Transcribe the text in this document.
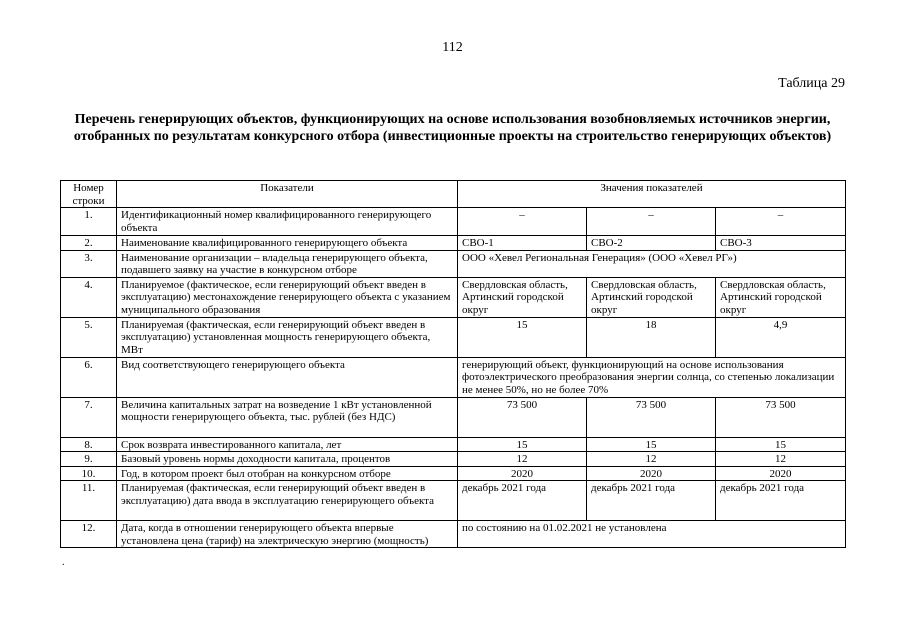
112
Таблица 29
Перечень генерирующих объектов, функционирующих на основе использования возобновляемых источников энергии, отобранных по результатам конкурсного отбора (инвестиционные проекты на строительство генерирующих объектов)
Номер строки	Показатели	Значения показателей		
1.	Идентификационный номер квалифицированного генерирующего объекта	–	–	–
2.	Наименование квалифицированного генерирующего объекта	СВО-1	СВО-2	СВО-3
3.	Наименование организации – владельца генерирующего объекта, подавшего заявку на участие в конкурсном отборе	ООО «Хевел Региональная Генерация» (ООО «Хевел РГ»)		
4.	Планируемое (фактическое, если генерирующий объект введен в эксплуатацию) местонахождение генерирующего объекта с указанием муниципального образования	Свердловская область, Артинский городской округ	Свердловская область, Артинский городской округ	Свердловская область, Артинский городской округ
5.	Планируемая (фактическая, если генерирующий объект введен в эксплуатацию) установленная мощность генерирующего объекта, МВт	15	18	4,9
6.	Вид соответствующего генерирующего объекта	генерирующий объект, функционирующий на основе использования фотоэлектрического преобразования энергии солнца, со степенью локализации не менее 50%, но не более 70%		
7.	Величина капитальных затрат на возведение 1 кВт установленной мощности генерирующего объекта, тыс. рублей (без НДС)	73 500	73 500	73 500
8.	Срок возврата инвестированного капитала, лет	15	15	15
9.	Базовый уровень нормы доходности капитала, процентов	12	12	12
10.	Год, в котором проект был отобран на конкурсном отборе	2020	2020	2020
11.	Планируемая (фактическая, если генерирующий объект введен в эксплуатацию) дата ввода в эксплуатацию генерирующего объекта	декабрь 2021 года	декабрь 2021 года	декабрь 2021 года
12.	Дата, когда в отношении генерирующего объекта впервые установлена цена (тариф) на электрическую энергию (мощность)	по состоянию на 01.02.2021 не установлена		
.
